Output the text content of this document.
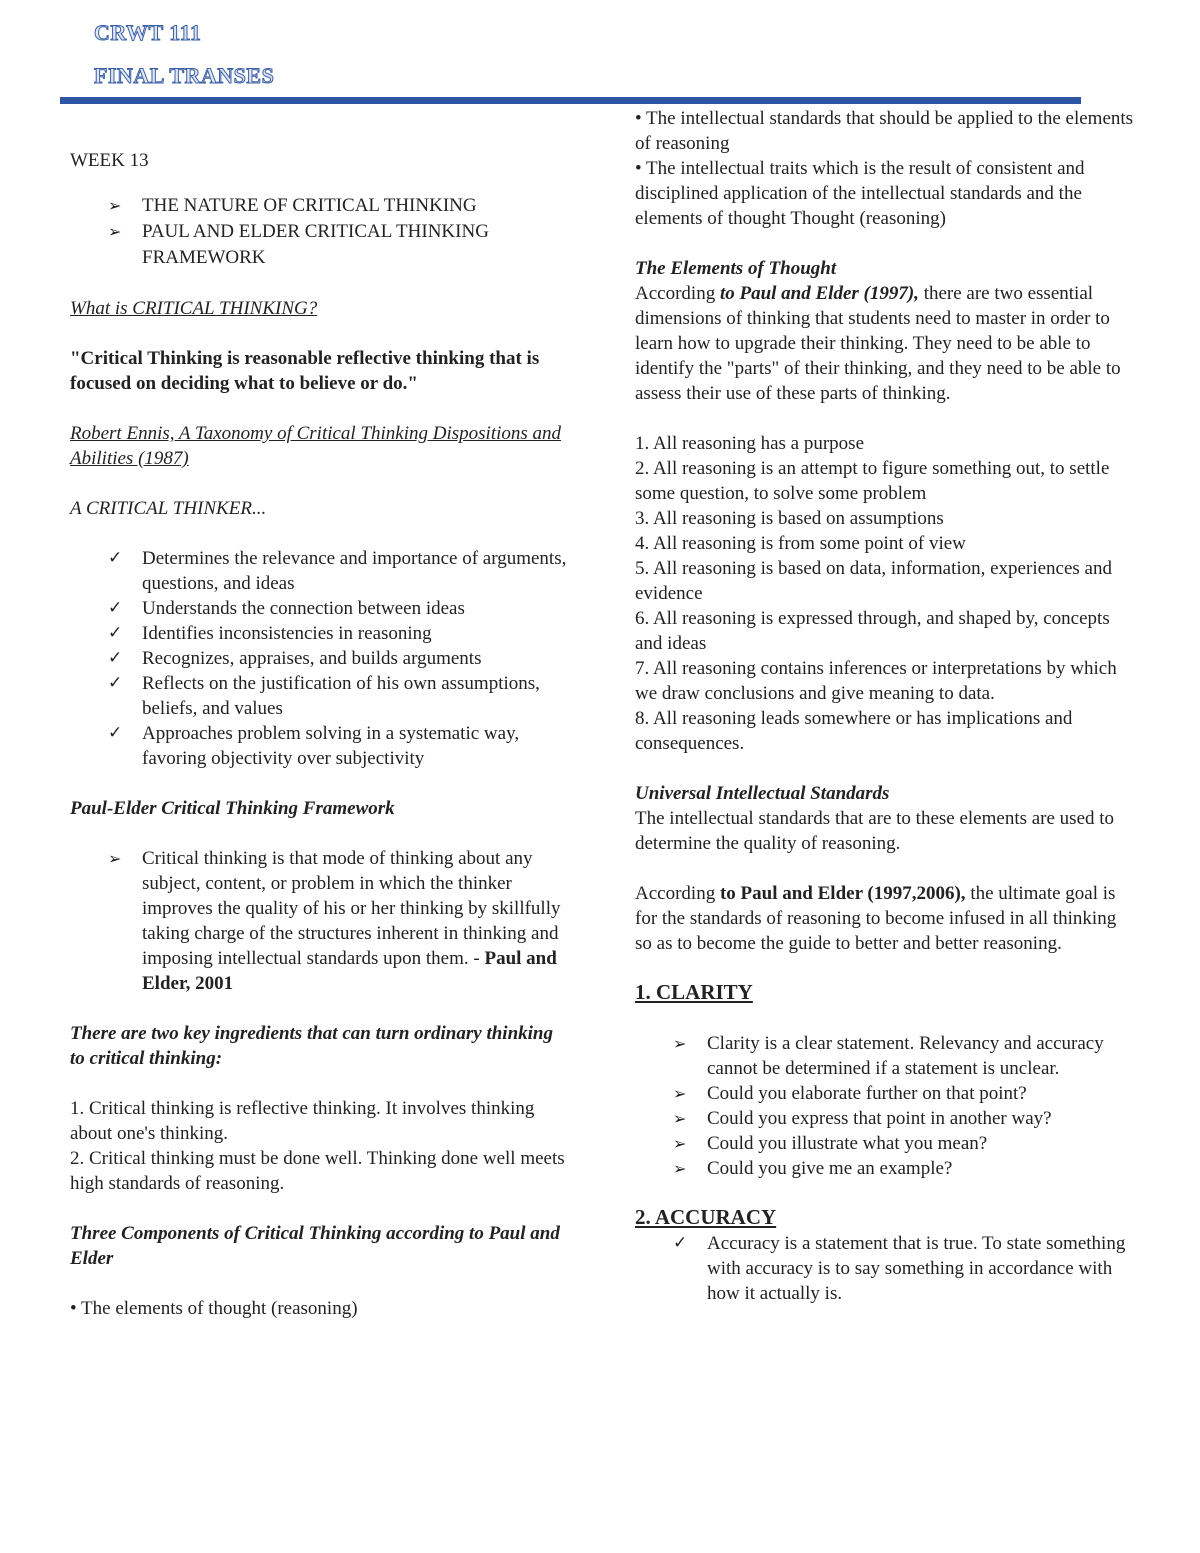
CRWT 111
FINAL TRANSES

WEEK 13

➢ THE NATURE OF CRITICAL THINKING
➢ PAUL AND ELDER CRITICAL THINKING FRAMEWORK

What is CRITICAL THINKING?

"Critical Thinking is reasonable reflective thinking that is focused on deciding what to believe or do."

Robert Ennis, A Taxonomy of Critical Thinking Dispositions and Abilities (1987)

A CRITICAL THINKER...

✓ Determines the relevance and importance of arguments, questions, and ideas
✓ Understands the connection between ideas
✓ Identifies inconsistencies in reasoning
✓ Recognizes, appraises, and builds arguments
✓ Reflects on the justification of his own assumptions, beliefs, and values
✓ Approaches problem solving in a systematic way, favoring objectivity over subjectivity

Paul-Elder Critical Thinking Framework

➢ Critical thinking is that mode of thinking about any subject, content, or problem in which the thinker improves the quality of his or her thinking by skillfully taking charge of the structures inherent in thinking and imposing intellectual standards upon them. - Paul and Elder, 2001

There are two key ingredients that can turn ordinary thinking to critical thinking:

1. Critical thinking is reflective thinking. It involves thinking about one's thinking.

2. Critical thinking must be done well. Thinking done well meets high standards of reasoning.

Three Components of Critical Thinking according to Paul and Elder

• The elements of thought (reasoning)

• The intellectual standards that should be applied to the elements of reasoning

• The intellectual traits which is the result of consistent and disciplined application of the intellectual standards and the elements of thought Thought (reasoning)

The Elements of Thought

According to Paul and Elder (1997), there are two essential dimensions of thinking that students need to master in order to learn how to upgrade their thinking. They need to be able to identify the "parts" of their thinking, and they need to be able to assess their use of these parts of thinking.

1. All reasoning has a purpose

2. All reasoning is an attempt to figure something out, to settle some question, to solve some problem

3. All reasoning is based on assumptions

4. All reasoning is from some point of view

5. All reasoning is based on data, information, experiences and evidence

6. All reasoning is expressed through, and shaped by, concepts and ideas

7. All reasoning contains inferences or interpretations by which we draw conclusions and give meaning to data.

8. All reasoning leads somewhere or has implications and consequences.

Universal Intellectual Standards

The intellectual standards that are to these elements are used to determine the quality of reasoning.

According to Paul and Elder (1997,2006), the ultimate goal is for the standards of reasoning to become infused in all thinking so as to become the guide to better and better reasoning.

1. CLARITY

➢ Clarity is a clear statement. Relevancy and accuracy cannot be determined if a statement is unclear.
➢ Could you elaborate further on that point?
➢ Could you express that point in another way?
➢ Could you illustrate what you mean?
➢ Could you give me an example?

2. ACCURACY

✓ Accuracy is a statement that is true. To state something with accuracy is to say something in accordance with how it actually is.
